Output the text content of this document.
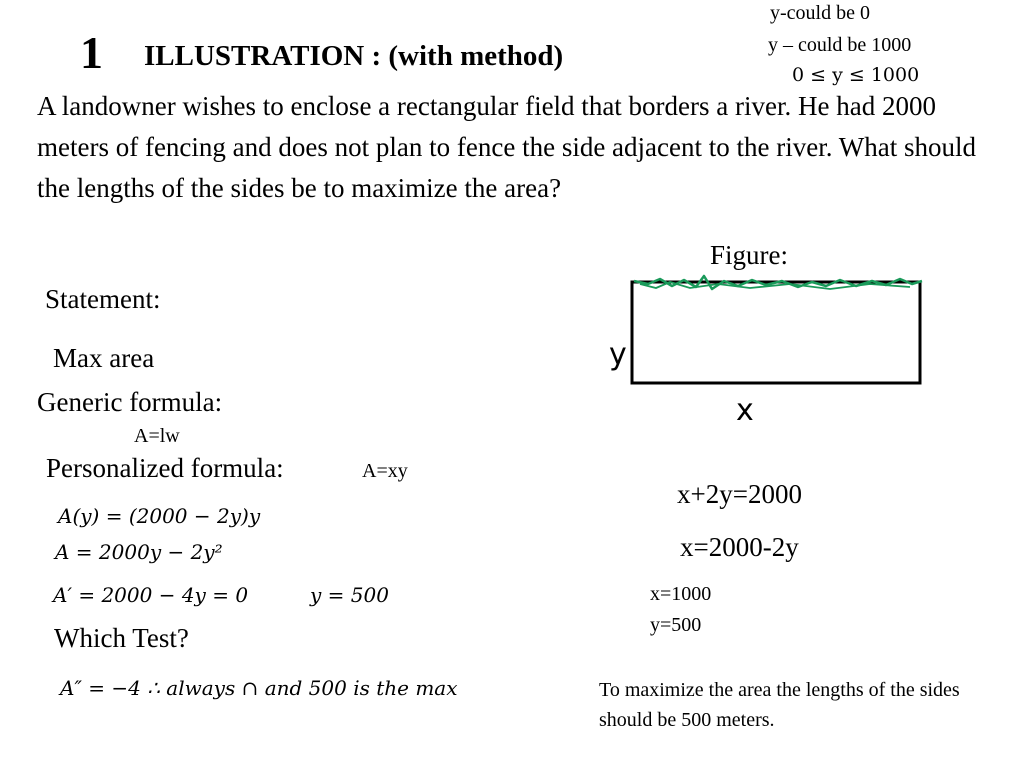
1 ILLUSTRATION : (with method)
y-could be 0
y – could be 1000
0 ≤ y ≤ 1000
A landowner wishes to enclose a rectangular field that borders a river. He had 2000 meters of fencing and does not plan to fence the side adjacent to the river. What should the lengths of the sides be to maximize the area?
Figure:
y
x
Statement:
Max area
Generic formula:
A=lw
Personalized formula:	A=xy
A(y) = (2000 − 2y)y
A = 2000y − 2y²
A′ = 2000 − 4y = 0	y = 500
Which Test?
A″ = −4 ∴ always ∩ and 500 is the max
x+2y=2000
x=2000-2y
x=1000
y=500
To maximize the area the lengths of the sides should be 500 meters.
